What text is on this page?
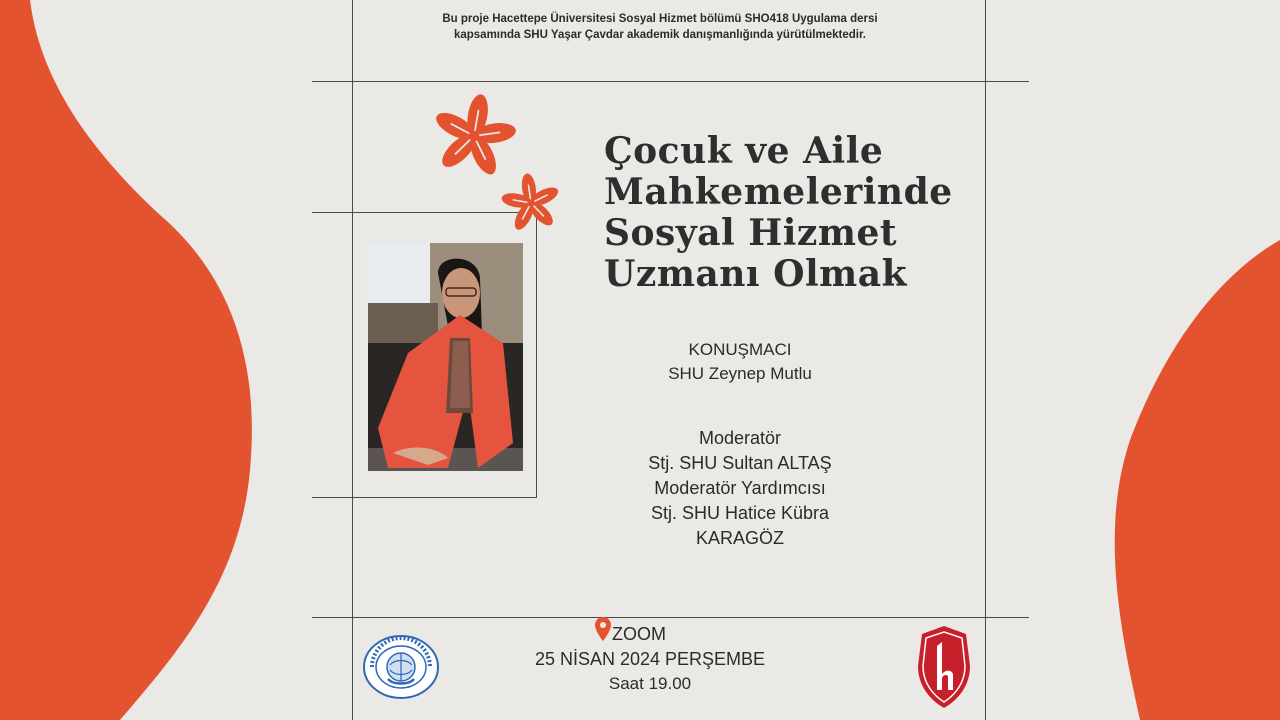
Bu proje Hacettepe Üniversitesi Sosyal Hizmet bölümü SHO418 Uygulama dersi kapsamında SHU Yaşar Çavdar akademik danışmanlığında yürütülmektedir.
Çocuk ve Aile
Mahkemelerinde
Sosyal Hizmet
Uzmanı Olmak
KONUŞMACI
SHU Zeynep Mutlu
Moderatör
Stj. SHU Sultan ALTAŞ
Moderatör Yardımcısı
Stj. SHU Hatice Kübra
KARAGÖZ
ZOOM
25 NİSAN 2024 PERŞEMBE
Saat 19.00
